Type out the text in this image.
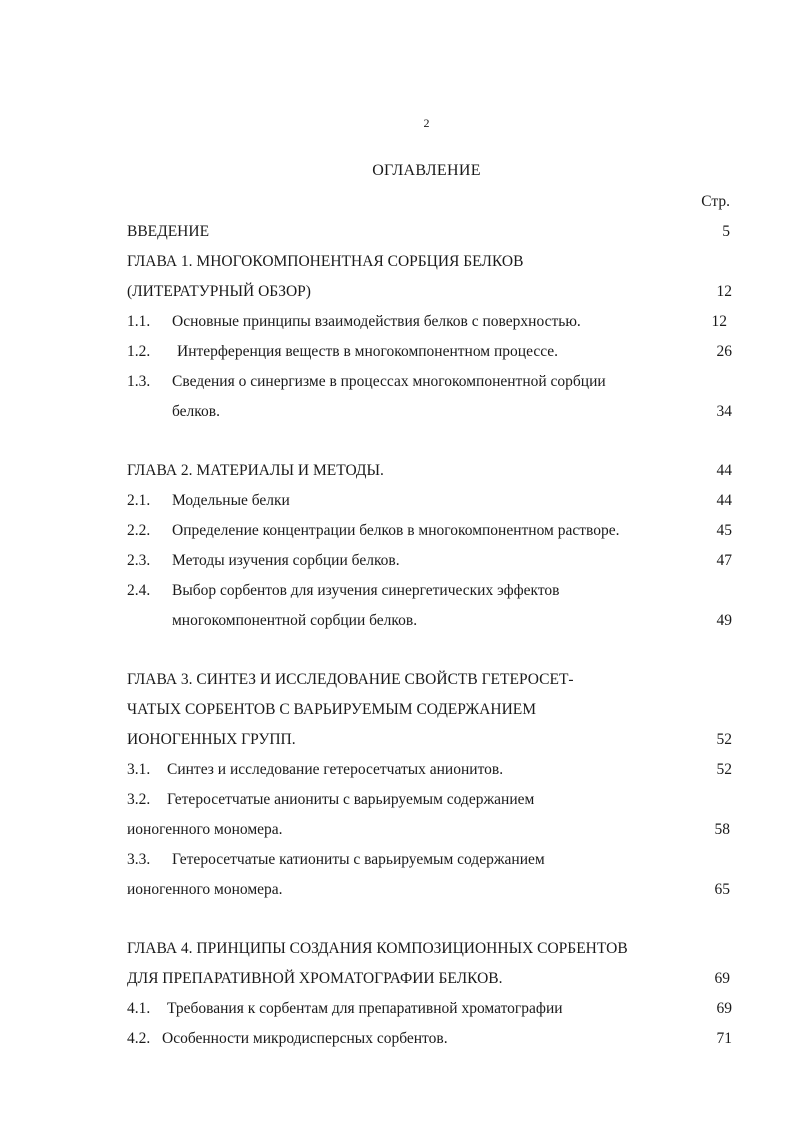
2
ОГЛАВЛЕНИЕ
Стр.
ВВЕДЕНИЕ	5
ГЛАВА 1. МНОГОКОМПОНЕНТНАЯ СОРБЦИЯ БЕЛКОВ
(ЛИТЕРАТУРНЫЙ ОБЗОР)	12
1.1. Основные принципы взаимодействия белков с поверхностью.	12
1.2. Интерференция веществ в многокомпонентном процессе.	26
1.3. Сведения о синергизме в процессах многокомпонентной сорбции
белков.	34
ГЛАВА 2. МАТЕРИАЛЫ И МЕТОДЫ.	44
2.1. Модельные белки	44
2.2. Определение концентрации белков в многокомпонентном растворе.	45
2.3. Методы изучения сорбции белков.	47
2.4. Выбор сорбентов для изучения синергетических эффектов
многокомпонентной сорбции белков.	49
ГЛАВА 3. СИНТЕЗ И ИССЛЕДОВАНИЕ СВОЙСТВ ГЕТЕРОСЕТ-
ЧАТЫХ СОРБЕНТОВ С ВАРЬИРУЕМЫМ СОДЕРЖАНИЕМ
ИОНОГЕННЫХ ГРУПП.	52
3.1. Синтез и исследование гетеросетчатых анионитов.	52
3.2. Гетеросетчатые аниониты с варьируемым содержанием
ионогенного мономера.	58
3.3. Гетеросетчатые катиониты с варьируемым содержанием
ионогенного мономера.	65
ГЛАВА 4. ПРИНЦИПЫ СОЗДАНИЯ КОМПОЗИЦИОННЫХ СОРБЕНТОВ
ДЛЯ ПРЕПАРАТИВНОЙ ХРОМАТОГРАФИИ БЕЛКОВ.	69
4.1. Требования к сорбентам для препаративной хроматографии	69
4.2. Особенности микродисперсных сорбентов.	71
